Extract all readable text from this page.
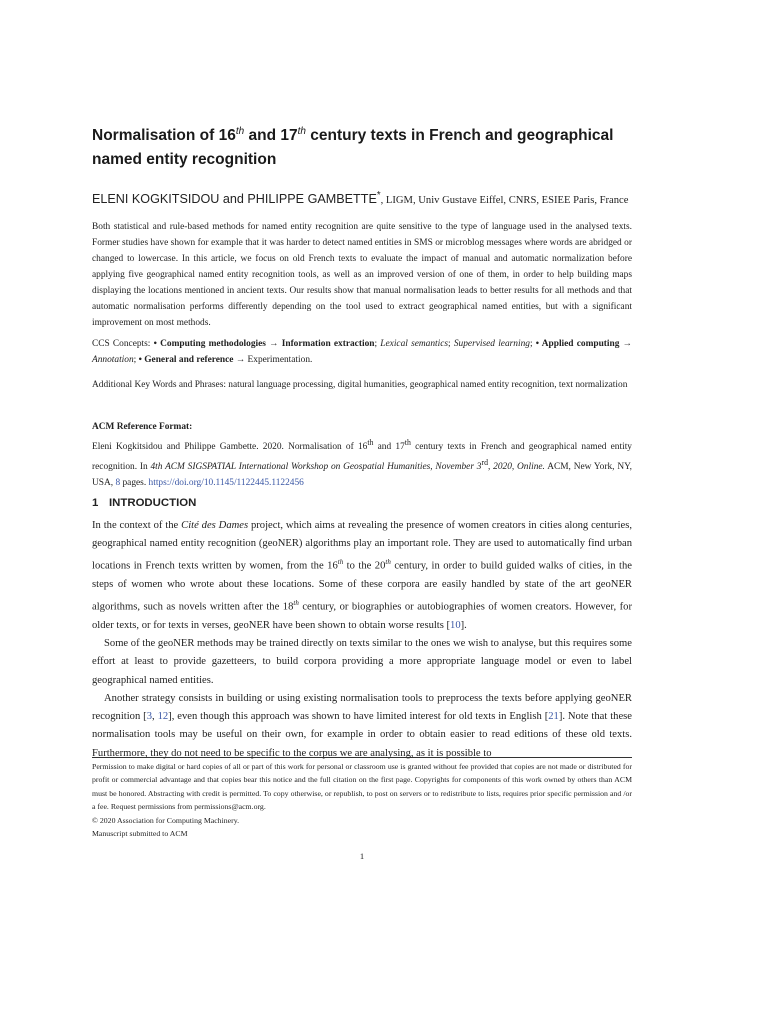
Normalisation of 16th and 17th century texts in French and geographical named entity recognition
ELENI KOGKITSIDOU and PHILIPPE GAMBETTE*, LIGM, Univ Gustave Eiffel, CNRS, ESIEE Paris, France
Both statistical and rule-based methods for named entity recognition are quite sensitive to the type of language used in the analysed texts. Former studies have shown for example that it was harder to detect named entities in SMS or microblog messages where words are abridged or changed to lowercase. In this article, we focus on old French texts to evaluate the impact of manual and automatic normalization before applying five geographical named entity recognition tools, as well as an improved version of one of them, in order to help building maps displaying the locations mentioned in ancient texts. Our results show that manual normalisation leads to better results for all methods and that automatic normalisation performs differently depending on the tool used to extract geographical named entities, but with a significant improvement on most methods.
CCS Concepts: • Computing methodologies → Information extraction; Lexical semantics; Supervised learning; • Applied computing → Annotation; • General and reference → Experimentation.
Additional Key Words and Phrases: natural language processing, digital humanities, geographical named entity recognition, text normalization
ACM Reference Format:
Eleni Kogkitsidou and Philippe Gambette. 2020. Normalisation of 16th and 17th century texts in French and geographical named entity recognition. In 4th ACM SIGSPATIAL International Workshop on Geospatial Humanities, November 3rd, 2020, Online. ACM, New York, NY, USA, 8 pages. https://doi.org/10.1145/1122445.1122456
1 INTRODUCTION

In the context of the Cité des Dames project, which aims at revealing the presence of women creators in cities along centuries, geographical named entity recognition (geoNER) algorithms play an important role. They are used to automatically find urban locations in French texts written by women, from the 16th to the 20th century, in order to build guided walks of cities, in the steps of women who wrote about these locations. Some of these corpora are easily handled by state of the art geoNER algorithms, such as novels written after the 18th century, or biographies or autobiographies of women creators. However, for older texts, or for texts in verses, geoNER have been shown to obtain worse results [10].

Some of the geoNER methods may be trained directly on texts similar to the ones we wish to analyse, but this requires some effort at least to provide gazetteers, to build corpora providing a more appropriate language model or even to label geographical named entities.

Another strategy consists in building or using existing normalisation tools to preprocess the texts before applying geoNER recognition [3, 12], even though this approach was shown to have limited interest for old texts in English [21]. Note that these normalisation tools may be useful on their own, for example in order to obtain easier to read editions of these old texts. Furthermore, they do not need to be specific to the corpus we are analysing, as it is possible to

Permission to make digital or hard copies of all or part of this work for personal or classroom use is granted without fee provided that copies are not made or distributed for profit or commercial advantage and that copies bear this notice and the full citation on the first page. Copyrights for components of this work owned by others than ACM must be honored. Abstracting with credit is permitted. To copy otherwise, or republish, to post on servers or to redistribute to lists, requires prior specific permission and /or a fee. Request permissions from permissions@acm.org.

© 2020 Association for Computing Machinery.

Manuscript submitted to ACM

1
